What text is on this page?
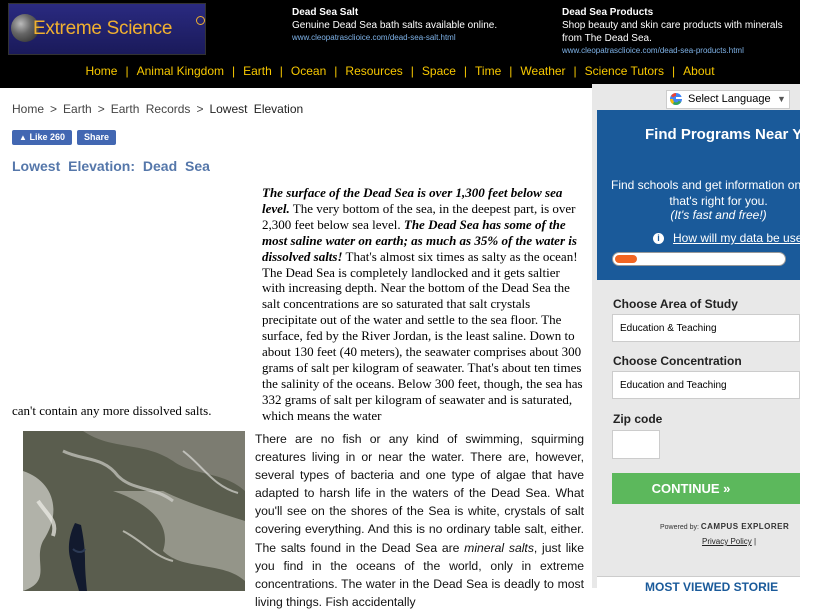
Extreme Science
Dead Sea Salt
Genuine Dead Sea bath salts available online.
www.cleopatrasclioice.com/dead-sea-salt.html
Dead Sea Products
Shop beauty and skin care products with minerals from The Dead Sea.
www.cleopatrasclioice.com/dead-sea-products.html
Home | Animal Kingdom | Earth | Ocean | Resources | Space | Time | Weather | Science Tutors | About
Home > Earth > Earth Records > Lowest Elevation
▲ Like 260	Share
Lowest Elevation: Dead Sea
The surface of the Dead Sea is over 1,300 feet below sea level. The very bottom of the sea, in the deepest part, is over 2,300 feet below sea level. The Dead Sea has some of the most saline water on earth; as much as 35% of the water is dissolved salts! That's almost six times as salty as the ocean! The Dead Sea is completely landlocked and it gets saltier with increasing depth. Near the bottom of the Dead Sea the salt concentrations are so saturated that salt crystals precipitate out of the water and settle to the sea floor. The surface, fed by the River Jordan, is the least saline. Down to about 130 feet (40 meters), the seawater comprises about 300 grams of salt per kilogram of seawater. That's about ten times the salinity of the oceans. Below 300 feet, though, the sea has 332 grams of salt per kilogram of seawater and is saturated, which means the water
can't contain any more dissolved salts.
There are no fish or any kind of swimming, squirming creatures living in or near the water. There are, however, several types of bacteria and one type of algae that have adapted to harsh life in the waters of the Dead Sea. What you'll see on the shores of the Sea is white, crystals of salt covering everything. And this is no ordinary table salt, either. The salts found in the Dead Sea are mineral salts, just like you find in the oceans of the world, only in extreme concentrations. The water in the Dead Sea is deadly to most living things. Fish accidentally
Select Language ▼
Find Programs Near Yo
Find schools and get information on the
that's right for you.
(It's fast and free!)
i	How will my data be used?
Choose Area of Study
Education & Teaching
Choose Concentration
Education and Teaching
Zip code
CONTINUE »
Powered by: CAMPUS EXPLORER
Privacy Policy |
MOST VIEWED STORIE
